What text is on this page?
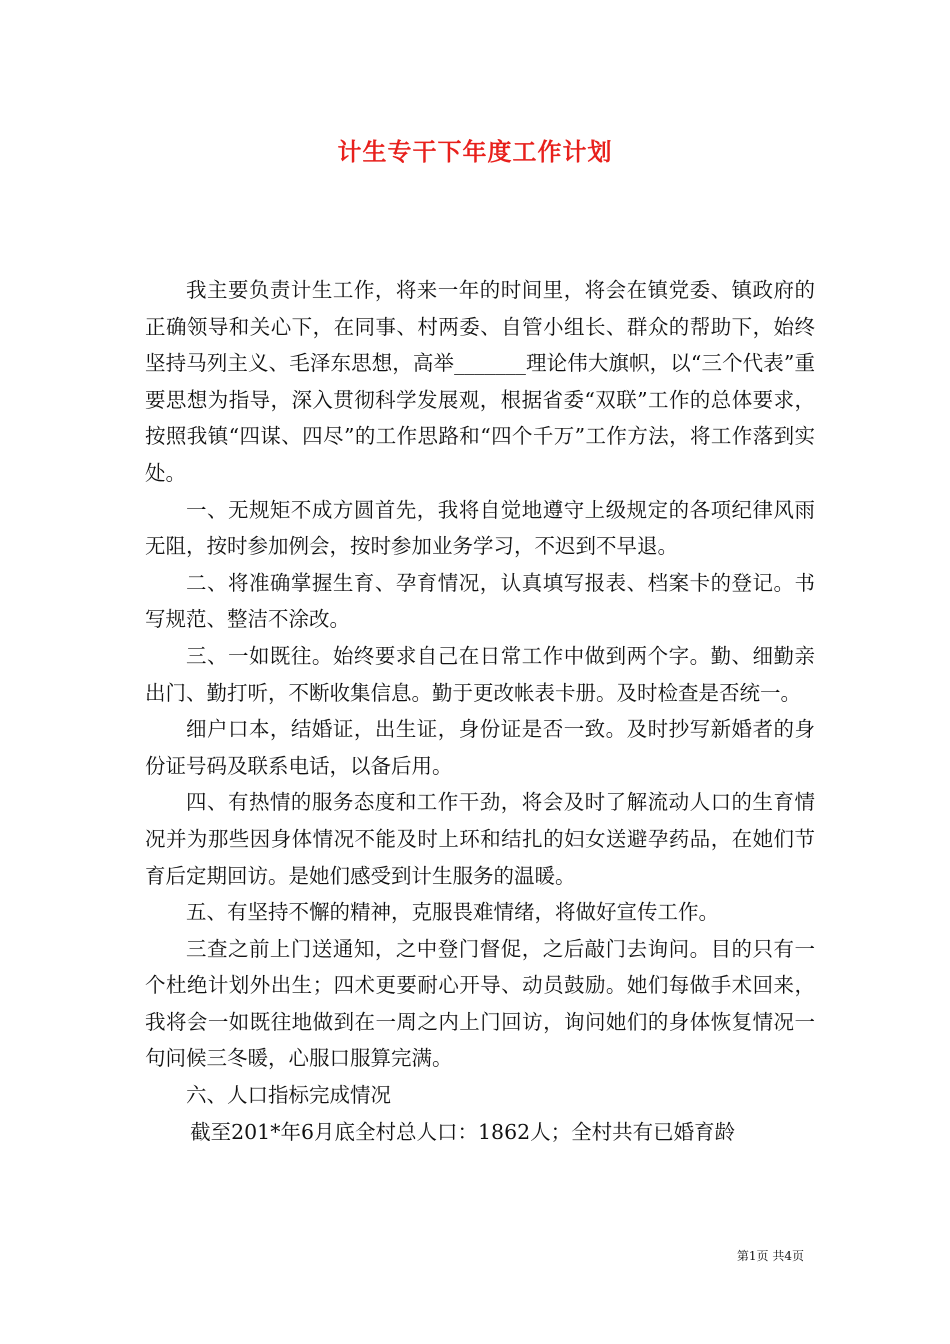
计生专干下年度工作计划

我主要负责计生工作，将来一年的时间里，将会在镇党委、镇政府的正确领导和关心下，在同事、村两委、自管小组长、群众的帮助下，始终坚持马列主义、毛泽东思想，高举_______理论伟大旗帜，以“三个代表”重要思想为指导，深入贯彻科学发展观，根据省委“双联”工作的总体要求，按照我镇“四谋、四尽”的工作思路和“四个千万”工作方法，将工作落到实处。

一、无规矩不成方圆首先，我将自觉地遵守上级规定的各项纪律风雨无阻，按时参加例会，按时参加业务学习，不迟到不早退。

二、将准确掌握生育、孕育情况，认真填写报表、档案卡的登记。书写规范、整洁不涂改。

三、一如既往。始终要求自己在日常工作中做到两个字。勤、细勤亲出门、勤打听，不断收集信息。勤于更改帐表卡册。及时检查是否统一。

细户口本，结婚证，出生证，身份证是否一致。及时抄写新婚者的身份证号码及联系电话，以备后用。

四、有热情的服务态度和工作干劲，将会及时了解流动人口的生育情况并为那些因身体情况不能及时上环和结扎的妇女送避孕药品，在她们节育后定期回访。是她们感受到计生服务的温暖。

五、有坚持不懈的精神，克服畏难情绪，将做好宣传工作。

三查之前上门送通知，之中登门督促，之后敲门去询问。目的只有一个杜绝计划外出生；四术更要耐心开导、动员鼓励。她们每做手术回来，我将会一如既往地做到在一周之内上门回访，询问她们的身体恢复情况一句问候三冬暖，心服口服算完满。

六、人口指标完成情况

截至201*年6月底全村总人口：1862人；全村共有已婚育龄

第1页 共4页
